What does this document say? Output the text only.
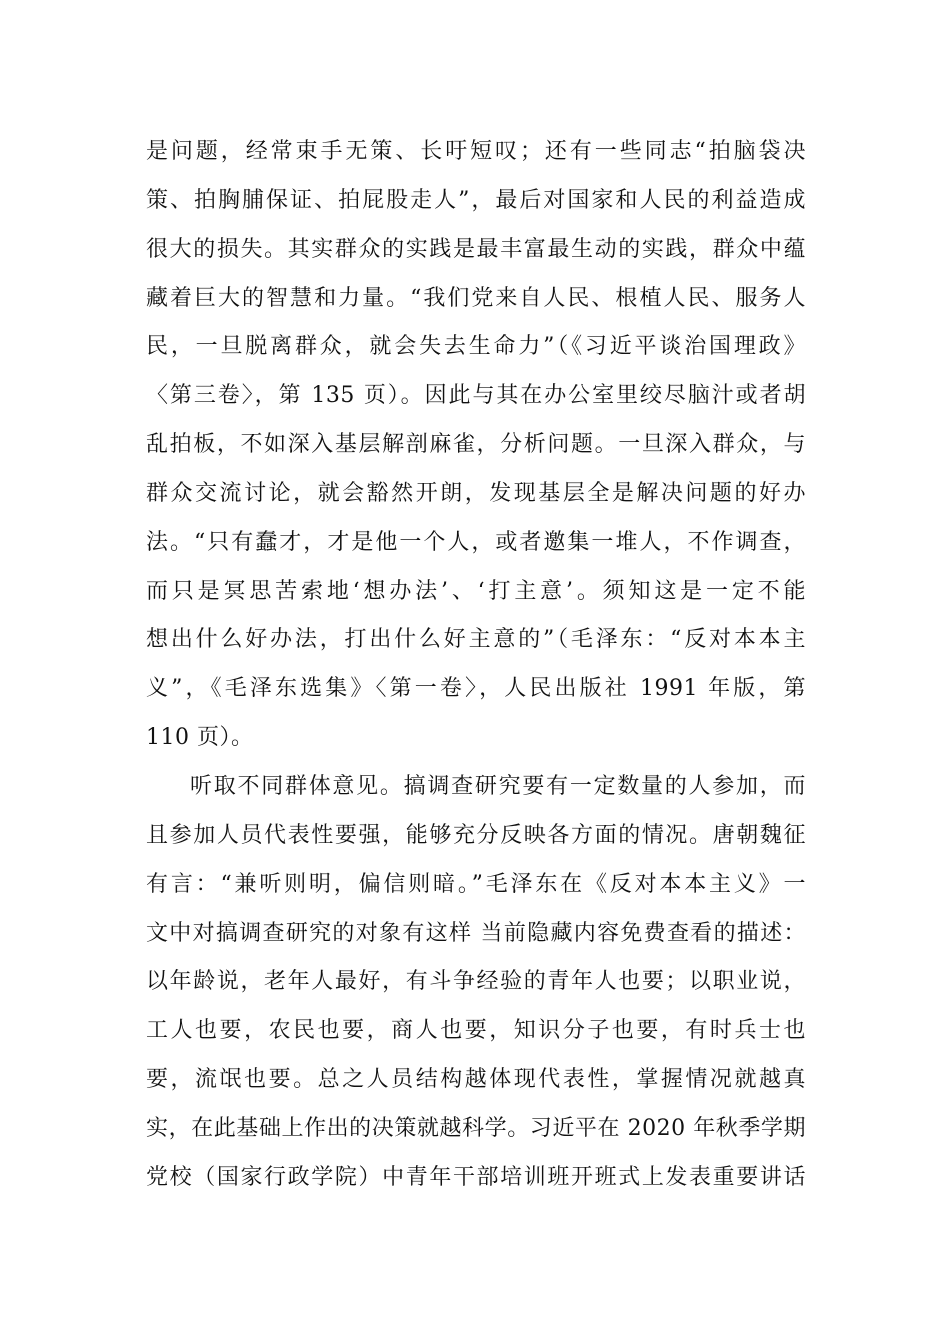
是问题，经常束手无策、长吁短叹；还有一些同志“拍脑袋决
策、拍胸脯保证、拍屁股走人”，最后对国家和人民的利益造成
很大的损失。其实群众的实践是最丰富最生动的实践，群众中蕴
藏着巨大的智慧和力量。“我们党来自人民、根植人民、服务人
民，一旦脱离群众，就会失去生命力”（《习近平谈治国理政》
〈第三卷〉，第 135 页）。因此与其在办公室里绞尽脑汁或者胡
乱拍板，不如深入基层解剖麻雀，分析问题。一旦深入群众，与
群众交流讨论，就会豁然开朗，发现基层全是解决问题的好办
法。“只有蠢才，才是他一个人，或者邀集一堆人，不作调查，
而只是冥思苦索地‘想办法’、‘打主意’。须知这是一定不能
想出什么好办法，打出什么好主意的”（毛泽东：“反对本本主
义”，《毛泽东选集》〈第一卷〉，人民出版社 1991 年版，第
110 页）。
听取不同群体意见。搞调查研究要有一定数量的人参加，而
且参加人员代表性要强，能够充分反映各方面的情况。唐朝魏征
有言：“兼听则明，偏信则暗。”毛泽东在《反对本本主义》一
文中对搞调查研究的对象有这样 当前隐藏内容免费查看的描述：
以年龄说，老年人最好，有斗争经验的青年人也要；以职业说，
工人也要，农民也要，商人也要，知识分子也要，有时兵士也
要，流氓也要。总之人员结构越体现代表性，掌握情况就越真
实，在此基础上作出的决策就越科学。习近平在 2020 年秋季学期
党校（国家行政学院）中青年干部培训班开班式上发表重要讲话
